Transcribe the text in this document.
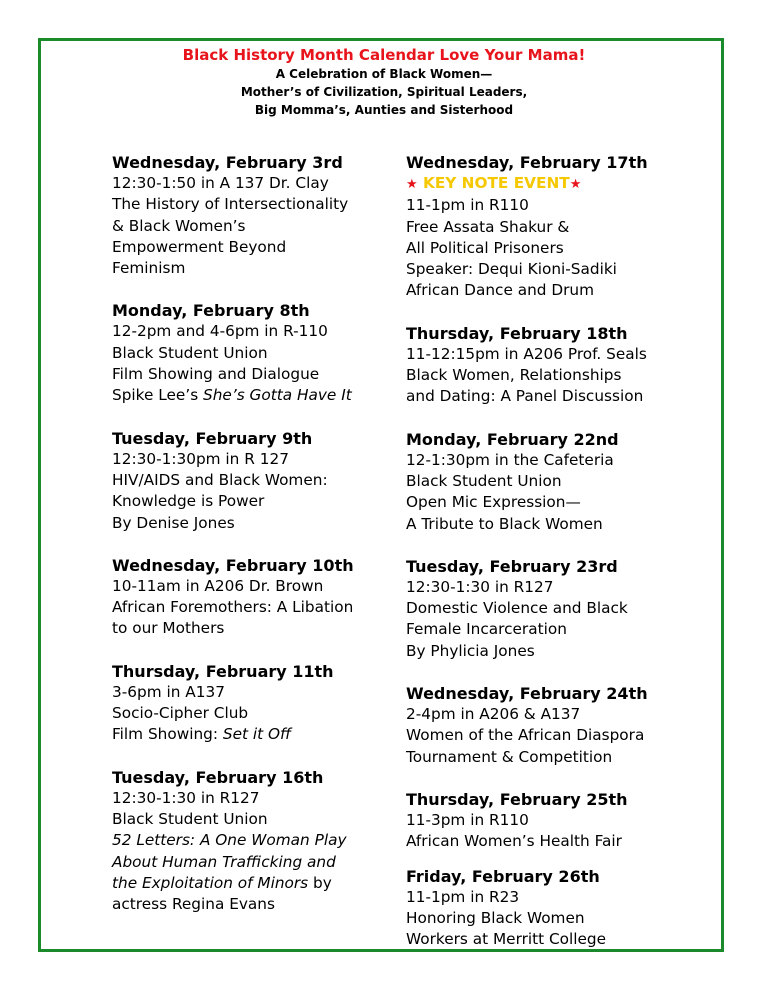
Black History Month Calendar Love Your Mama!
A Celebration of Black Women—
Mother’s of Civilization, Spiritual Leaders,
Big Momma’s, Aunties and Sisterhood
Wednesday, February 3rd
12:30-1:50 in A 137 Dr. Clay
The History of Intersectionality
& Black Women’s
Empowerment Beyond
Feminism
Monday, February 8th
12-2pm and 4-6pm in R-110
Black Student Union
Film Showing and Dialogue
Spike Lee’s She’s Gotta Have It
Tuesday, February 9th
12:30-1:30pm in R 127
HIV/AIDS and Black Women:
Knowledge is Power
By Denise Jones
Wednesday, February 10th
10-11am in A206 Dr. Brown
African Foremothers: A Libation
to our Mothers
Thursday, February 11th
3-6pm in A137
Socio-Cipher Club
Film Showing: Set it Off
Tuesday, February 16th
12:30-1:30 in R127
Black Student Union
52 Letters: A One Woman Play
About Human Trafficking and
the Exploitation of Minors by
actress Regina Evans
Wednesday, February 17th
★ KEY NOTE EVENT★
11-1pm in R110
Free Assata Shakur &
All Political Prisoners
Speaker: Dequi Kioni-Sadiki
African Dance and Drum
Thursday, February 18th
11-12:15pm in A206 Prof. Seals
Black Women, Relationships
and Dating: A Panel Discussion
Monday, February 22nd
12-1:30pm in the Cafeteria
Black Student Union
Open Mic Expression—
A Tribute to Black Women
Tuesday, February 23rd
12:30-1:30 in R127
Domestic Violence and Black
Female Incarceration
By Phylicia Jones
Wednesday, February 24th
2-4pm in A206 & A137
Women of the African Diaspora
Tournament & Competition
Thursday, February 25th
11-3pm in R110
African Women’s Health Fair
Friday, February 26th
11-1pm in R23
Honoring Black Women
Workers at Merritt College
